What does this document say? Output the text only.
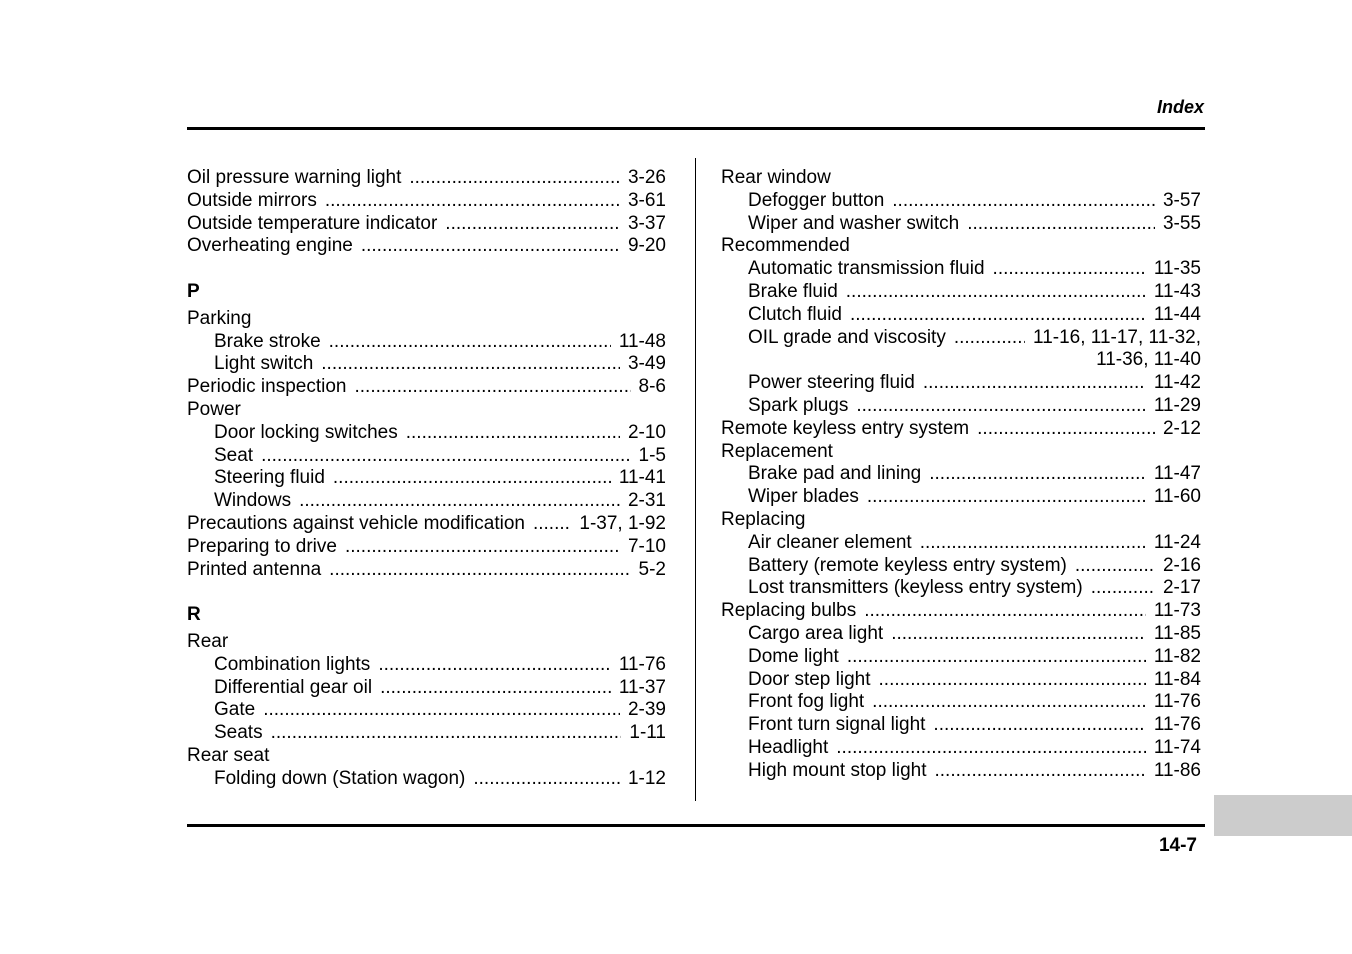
Index
Oil pressure warning light .....	3-26
Outside mirrors .....	3-61
Outside temperature indicator .....	3-37
Overheating engine .....	9-20
P
Parking
Brake stroke .....	11-48
Light switch .....	3-49
Periodic inspection .....	8-6
Power
Door locking switches .....	2-10
Seat .....	1-5
Steering fluid .....	11-41
Windows .....	2-31
Precautions against vehicle modification .....	1-37, 1-92
Preparing to drive .....	7-10
Printed antenna .....	5-2
R
Rear
Combination lights .....	11-76
Differential gear oil .....	11-37
Gate .....	2-39
Seats .....	1-11
Rear seat
Folding down (Station wagon) .....	1-12
Rear window
Defogger button .....	3-57
Wiper and washer switch .....	3-55
Recommended
Automatic transmission fluid .....	11-35
Brake fluid .....	11-43
Clutch fluid .....	11-44
OIL grade and viscosity .....	11-16, 11-17, 11-32,
11-36, 11-40
Power steering fluid .....	11-42
Spark plugs .....	11-29
Remote keyless entry system .....	2-12
Replacement
Brake pad and lining .....	11-47
Wiper blades .....	11-60
Replacing
Air cleaner element .....	11-24
Battery (remote keyless entry system) .....	2-16
Lost transmitters (keyless entry system) .....	2-17
Replacing bulbs .....	11-73
Cargo area light .....	11-85
Dome light .....	11-82
Door step light .....	11-84
Front fog light .....	11-76
Front turn signal light .....	11-76
Headlight .....	11-74
High mount stop light .....	11-86
14-7
